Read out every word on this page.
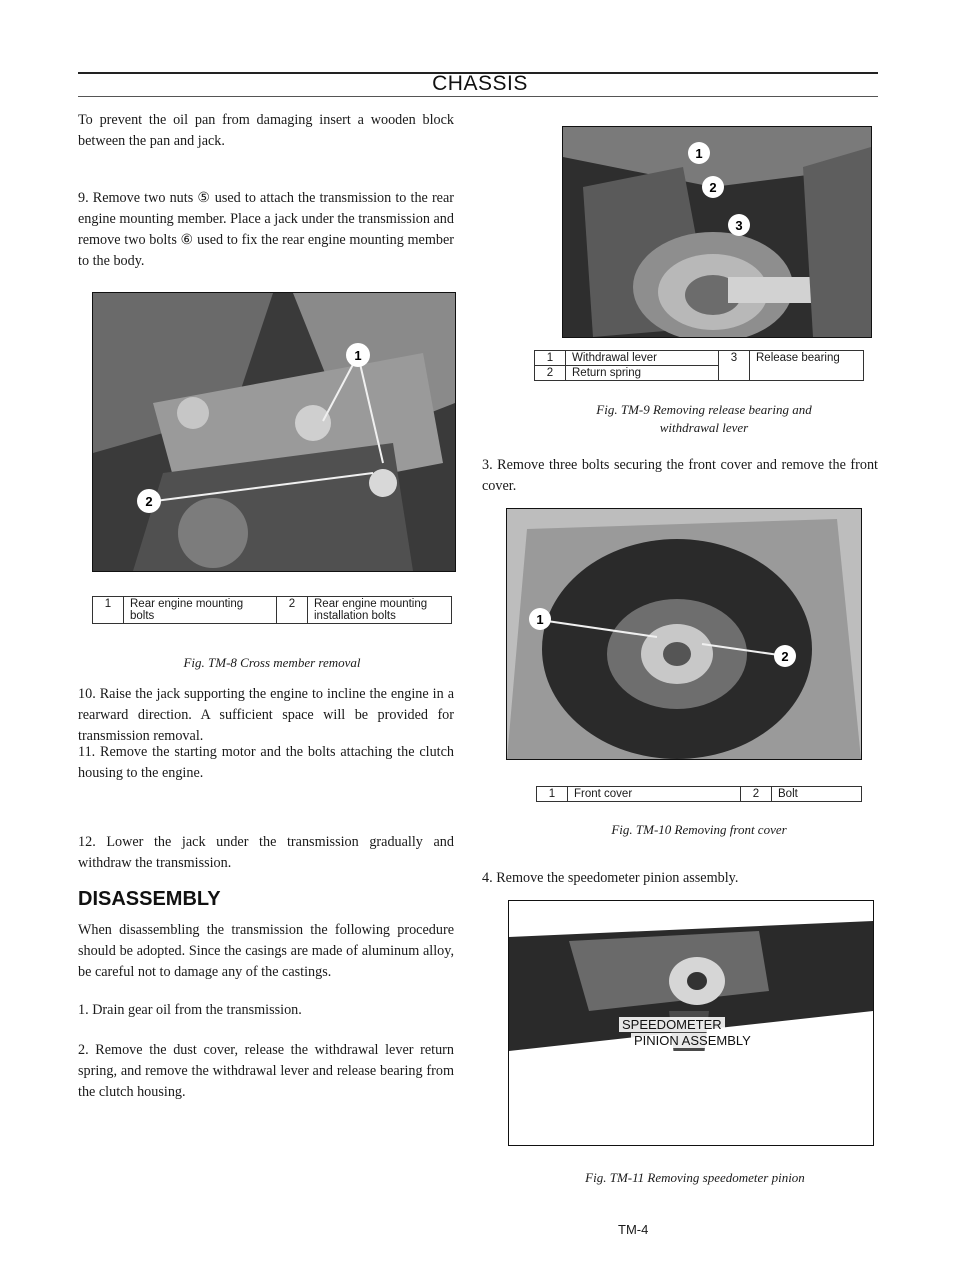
CHASSIS
To prevent the oil pan from damaging insert a wooden block between the pan and jack.
9. Remove two nuts ⑤ used to attach the transmission to the rear engine mounting member. Place a jack under the transmission and remove two bolts ⑥ used to fix the rear engine mounting member to the body.
1
2
1	Rear engine mounting bolts	2	Rear engine mounting installation bolts
Fig. TM-8 Cross member removal
10. Raise the jack supporting the engine to incline the engine in a rearward direction. A sufficient space will be provided for transmission removal.
11. Remove the starting motor and the bolts attaching the clutch housing to the engine.
DISASSEMBLY
12. Lower the jack under the transmission gradually and withdraw the transmission.
When disassembling the transmission the following procedure should be adopted. Since the casings are made of aluminum alloy, be careful not to damage any of the castings.
1. Drain gear oil from the transmission.
2. Remove the dust cover, release the withdrawal lever return spring, and remove the withdrawal lever and release bearing from the clutch housing.
1
2
3
1	Withdrawal lever	3	Release bearing
2	Return spring		
Fig. TM-9 Removing release bearing and
withdrawal lever
3. Remove three bolts securing the front cover and remove the front cover.
1
2
1	Front cover	2	Bolt
Fig. TM-10 Removing front cover
4. Remove the speedometer pinion assembly.
SPEEDOMETER
PINION ASSEMBLY
Fig. TM-11 Removing speedometer pinion
TM-4
